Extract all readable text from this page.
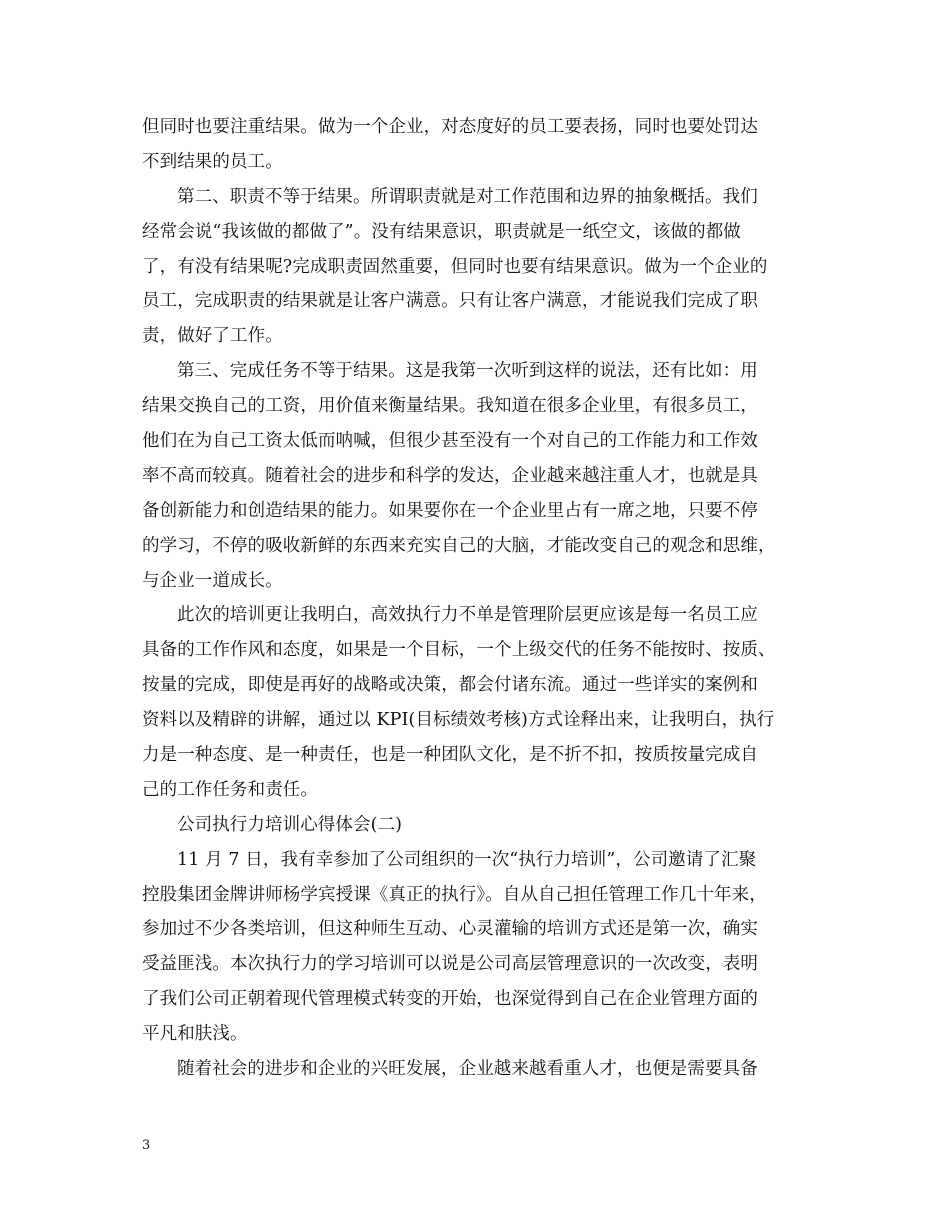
但同时也要注重结果。做为一个企业，对态度好的员工要表扬，同时也要处罚达
不到结果的员工。
第二、职责不等于结果。所谓职责就是对工作范围和边界的抽象概括。我们
经常会说“我该做的都做了”。没有结果意识，职责就是一纸空文，该做的都做
了，有没有结果呢?完成职责固然重要，但同时也要有结果意识。做为一个企业的
员工，完成职责的结果就是让客户满意。只有让客户满意，才能说我们完成了职
责，做好了工作。
第三、完成任务不等于结果。这是我第一次听到这样的说法，还有比如：用
结果交换自己的工资，用价值来衡量结果。我知道在很多企业里，有很多员工，
他们在为自己工资太低而呐喊，但很少甚至没有一个对自己的工作能力和工作效
率不高而较真。随着社会的进步和科学的发达，企业越来越注重人才，也就是具
备创新能力和创造结果的能力。如果要你在一个企业里占有一席之地，只要不停
的学习，不停的吸收新鲜的东西来充实自己的大脑，才能改变自己的观念和思维，
与企业一道成长。
此次的培训更让我明白，高效执行力不单是管理阶层更应该是每一名员工应
具备的工作作风和态度，如果是一个目标，一个上级交代的任务不能按时、按质、
按量的完成，即使是再好的战略或决策，都会付诸东流。通过一些详实的案例和
资料以及精辟的讲解，通过以 KPI(目标绩效考核)方式诠释出来，让我明白，执行
力是一种态度、是一种责任，也是一种团队文化，是不折不扣，按质按量完成自
己的工作任务和责任。
公司执行力培训心得体会(二)
11 月 7 日，我有幸参加了公司组织的一次“执行力培训”，公司邀请了汇聚
控股集团金牌讲师杨学宾授课《真正的执行》。自从自己担任管理工作几十年来，
参加过不少各类培训，但这种师生互动、心灵灌输的培训方式还是第一次，确实
受益匪浅。本次执行力的学习培训可以说是公司高层管理意识的一次改变，表明
了我们公司正朝着现代管理模式转变的开始，也深觉得到自己在企业管理方面的
平凡和肤浅。
随着社会的进步和企业的兴旺发展，企业越来越看重人才，也便是需要具备
3
